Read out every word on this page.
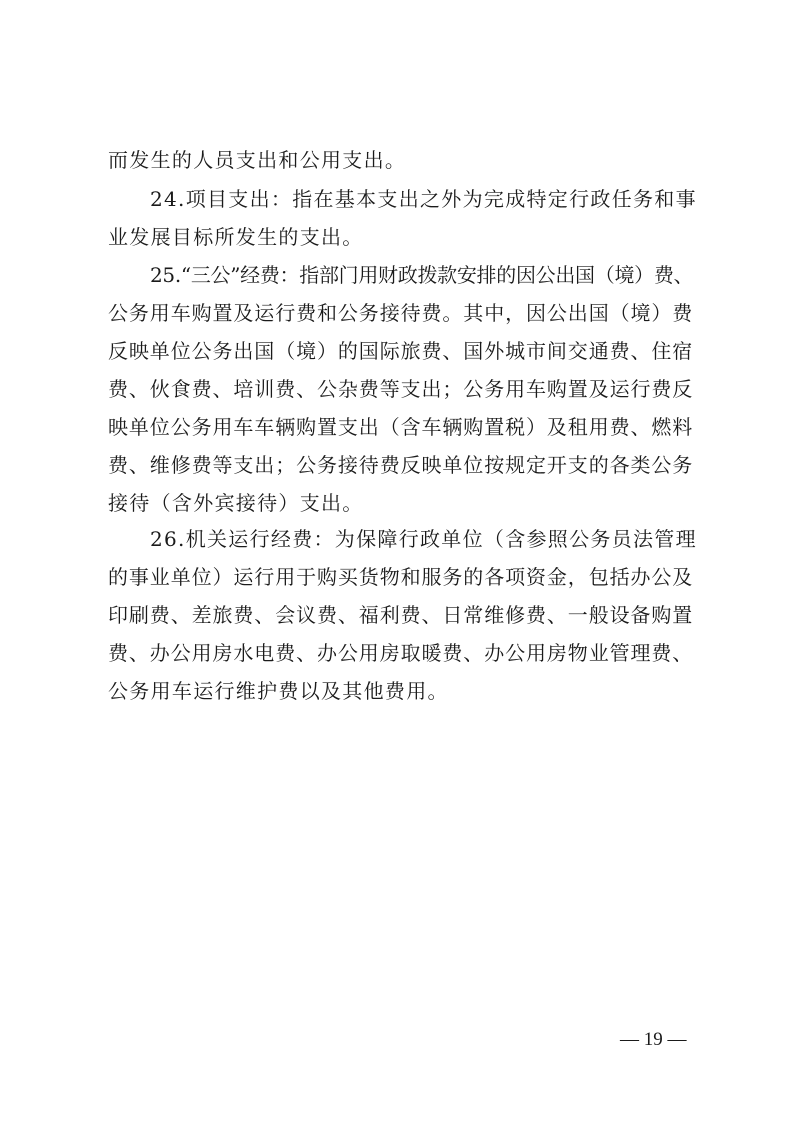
而发生的人员支出和公用支出。
24.项目支出：指在基本支出之外为完成特定行政任务和事
业发展目标所发生的支出。
25.“三公”经费：指部门用财政拨款安排的因公出国（境）费、
公务用车购置及运行费和公务接待费。其中，因公出国（境）费
反映单位公务出国（境）的国际旅费、国外城市间交通费、住宿
费、伙食费、培训费、公杂费等支出；公务用车购置及运行费反
映单位公务用车车辆购置支出（含车辆购置税）及租用费、燃料
费、维修费等支出；公务接待费反映单位按规定开支的各类公务
接待（含外宾接待）支出。
26.机关运行经费：为保障行政单位（含参照公务员法管理
的事业单位）运行用于购买货物和服务的各项资金，包括办公及
印刷费、差旅费、会议费、福利费、日常维修费、一般设备购置
费、办公用房水电费、办公用房取暖费、办公用房物业管理费、
公务用车运行维护费以及其他费用。
— 19 —
